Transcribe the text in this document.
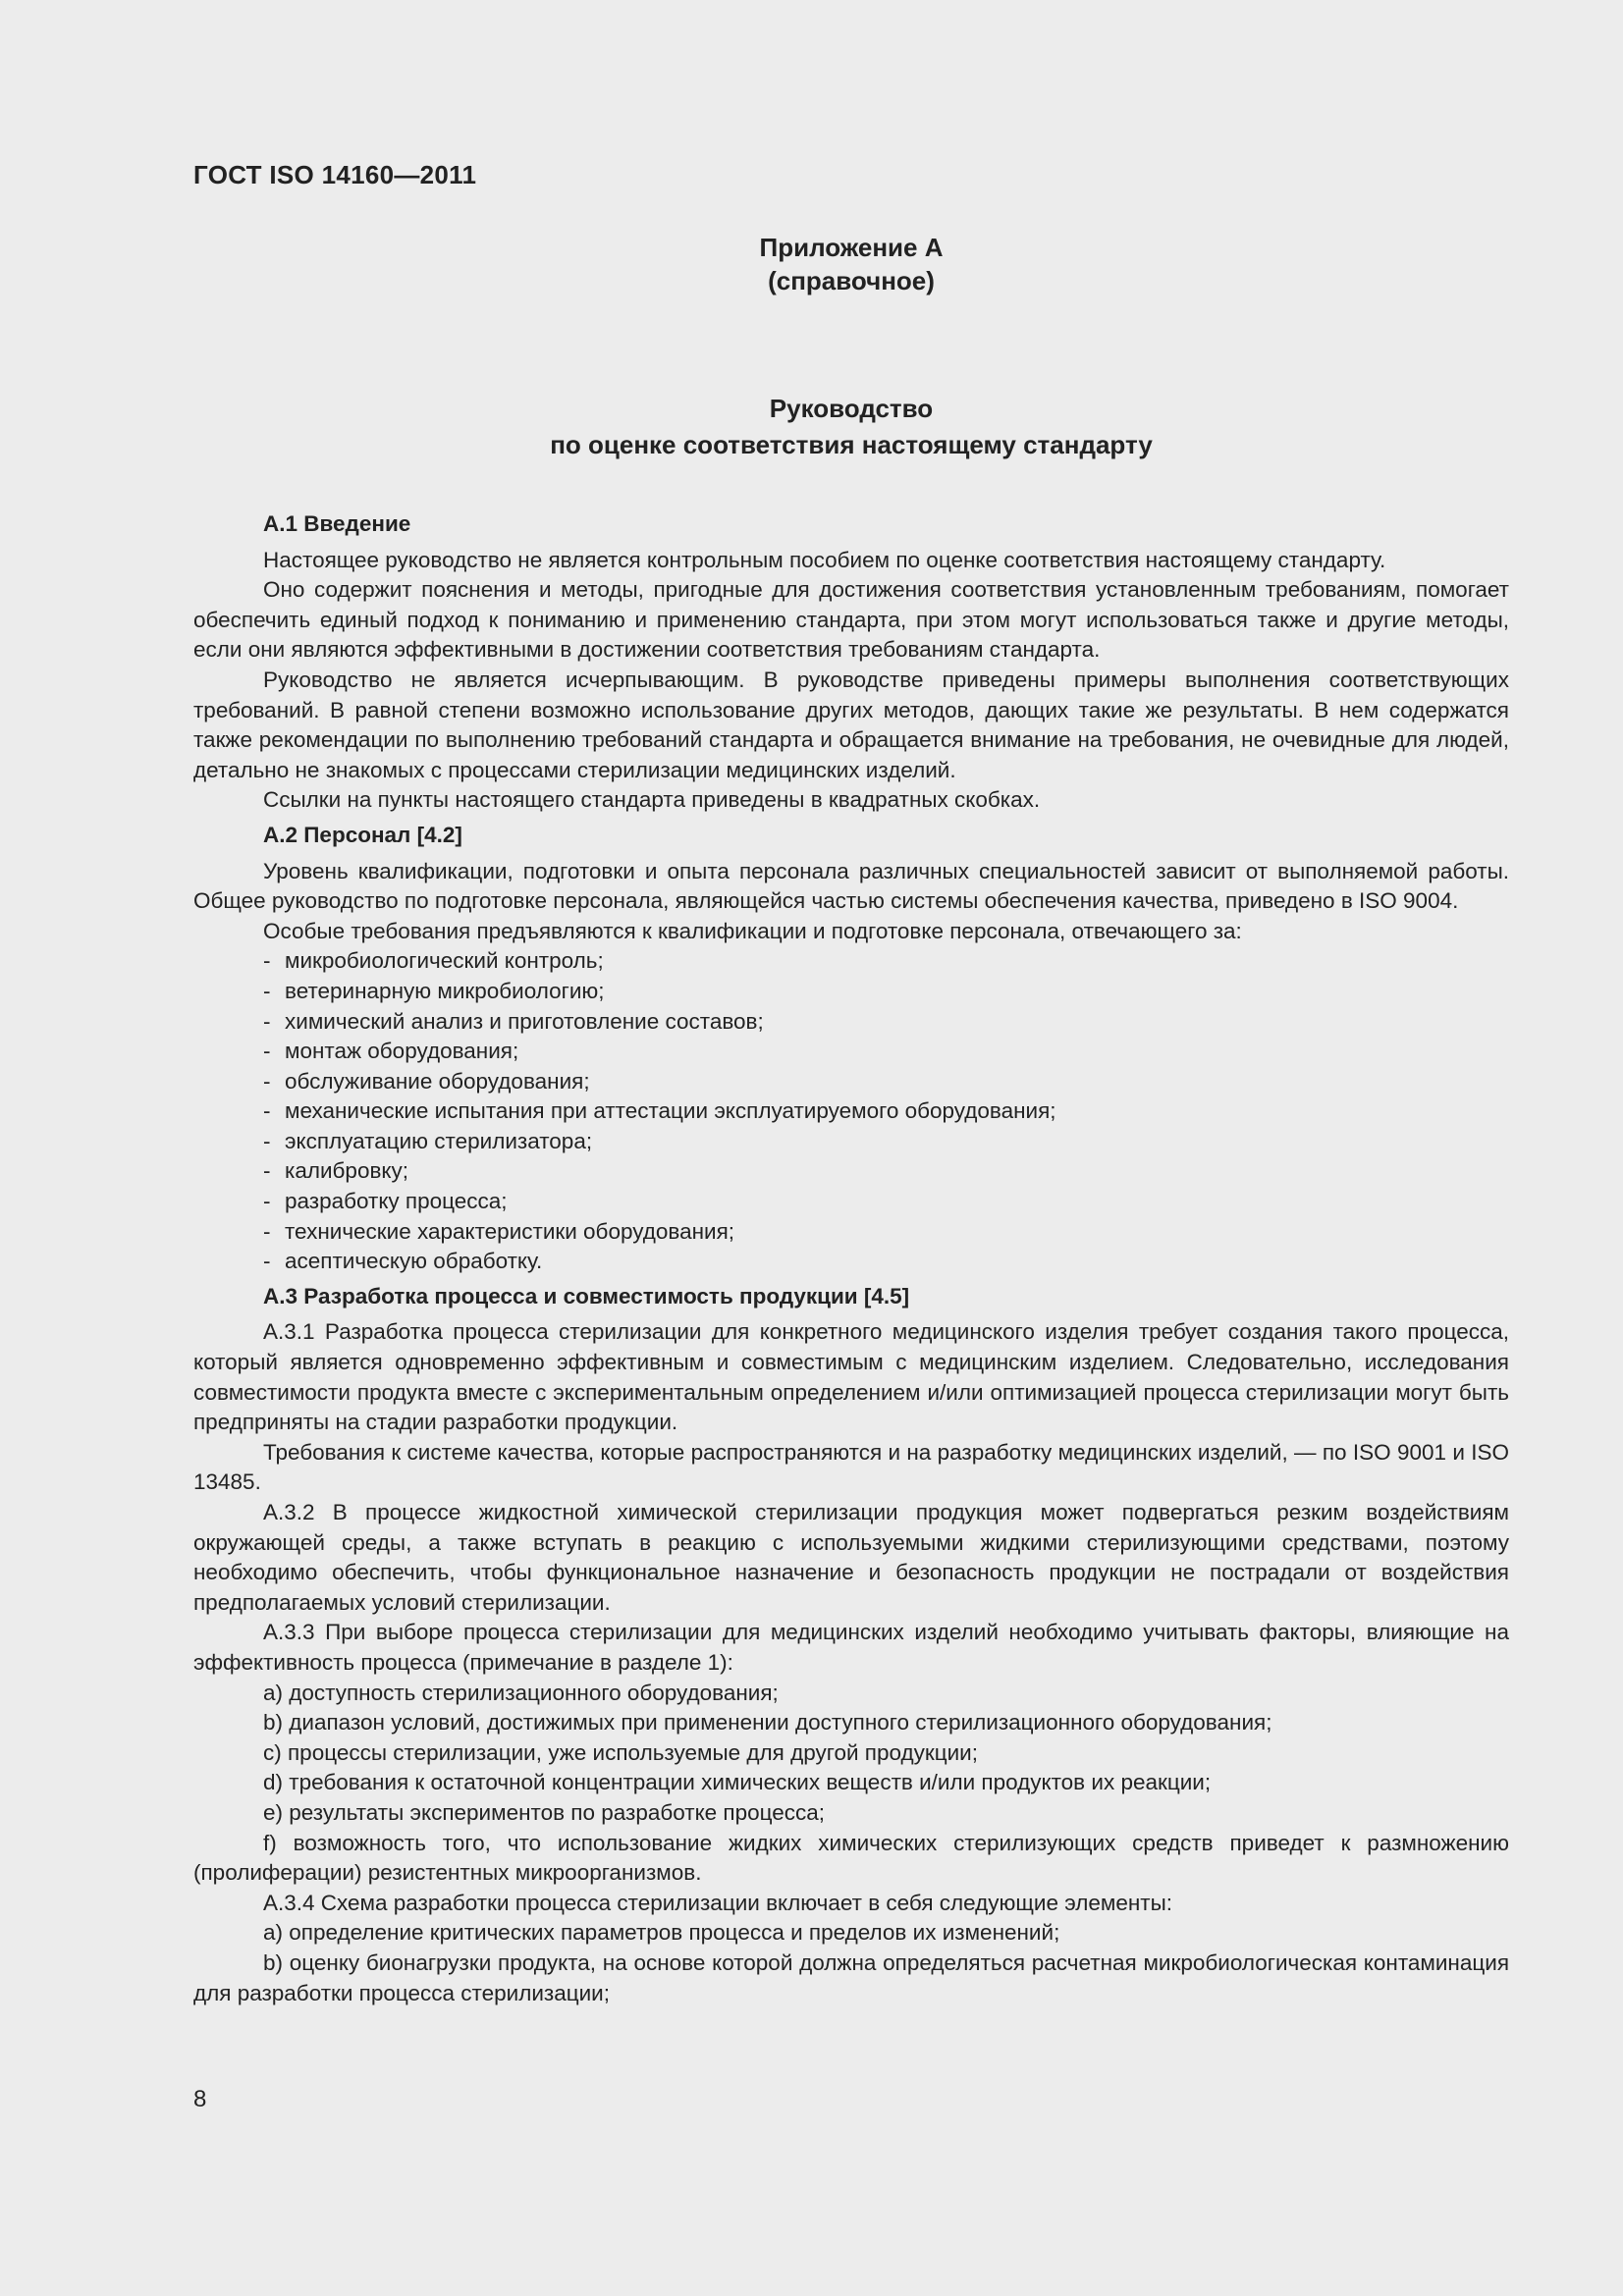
ГОСТ ISO 14160—2011
Приложение А
(справочное)
Руководство
по оценке соответствия настоящему стандарту
А.1 Введение

Настоящее руководство не является контрольным пособием по оценке соответствия настоящему стандарту.

Оно содержит пояснения и методы, пригодные для достижения соответствия установленным требованиям, помогает обеспечить единый подход к пониманию и применению стандарта, при этом могут использоваться также и другие методы, если они являются эффективными в достижении соответствия требованиям стандарта.

Руководство не является исчерпывающим. В руководстве приведены примеры выполнения соответствующих требований. В равной степени возможно использование других методов, дающих такие же результаты. В нем содержатся также рекомендации по выполнению требований стандарта и обращается внимание на требования, не очевидные для людей, детально не знакомых с процессами стерилизации медицинских изделий.

Ссылки на пункты настоящего стандарта приведены в квадратных скобках.

А.2 Персонал [4.2]

Уровень квалификации, подготовки и опыта персонала различных специальностей зависит от выполняемой работы. Общее руководство по подготовке персонала, являющейся частью системы обеспечения качества, приведено в ISO 9004.

Особые требования предъявляются к квалификации и подготовке персонала, отвечающего за:

- микробиологический контроль;
- ветеринарную микробиологию;
- химический анализ и приготовление составов;
- монтаж оборудования;
- обслуживание оборудования;
- механические испытания при аттестации эксплуатируемого оборудования;
- эксплуатацию стерилизатора;
- калибровку;
- разработку процесса;
- технические характеристики оборудования;
- асептическую обработку.
А.3 Разработка процесса и совместимость продукции [4.5]

А.3.1 Разработка процесса стерилизации для конкретного медицинского изделия требует создания такого процесса, который является одновременно эффективным и совместимым с медицинским изделием. Следовательно, исследования совместимости продукта вместе с экспериментальным определением и/или оптимизацией процесса стерилизации могут быть предприняты на стадии разработки продукции.

Требования к системе качества, которые распространяются и на разработку медицинских изделий, — по ISO 9001 и ISO 13485.

А.3.2 В процессе жидкостной химической стерилизации продукция может подвергаться резким воздействиям окружающей среды, а также вступать в реакцию с используемыми жидкими стерилизующими средствами, поэтому необходимо обеспечить, чтобы функциональное назначение и безопасность продукции не пострадали от воздействия предполагаемых условий стерилизации.

А.3.3 При выборе процесса стерилизации для медицинских изделий необходимо учитывать факторы, влияющие на эффективность процесса (примечание в разделе 1):

a) доступность стерилизационного оборудования;

b) диапазон условий, достижимых при применении доступного стерилизационного оборудования;

c) процессы стерилизации, уже используемые для другой продукции;

d) требования к остаточной концентрации химических веществ и/или продуктов их реакции;

e) результаты экспериментов по разработке процесса;

f) возможность того, что использование жидких химических стерилизующих средств приведет к размножению (пролиферации) резистентных микроорганизмов.

А.3.4 Схема разработки процесса стерилизации включает в себя следующие элементы:

a) определение критических параметров процесса и пределов их изменений;

b) оценку бионагрузки продукта, на основе которой должна определяться расчетная микробиологическая контаминация для разработки процесса стерилизации;

8
